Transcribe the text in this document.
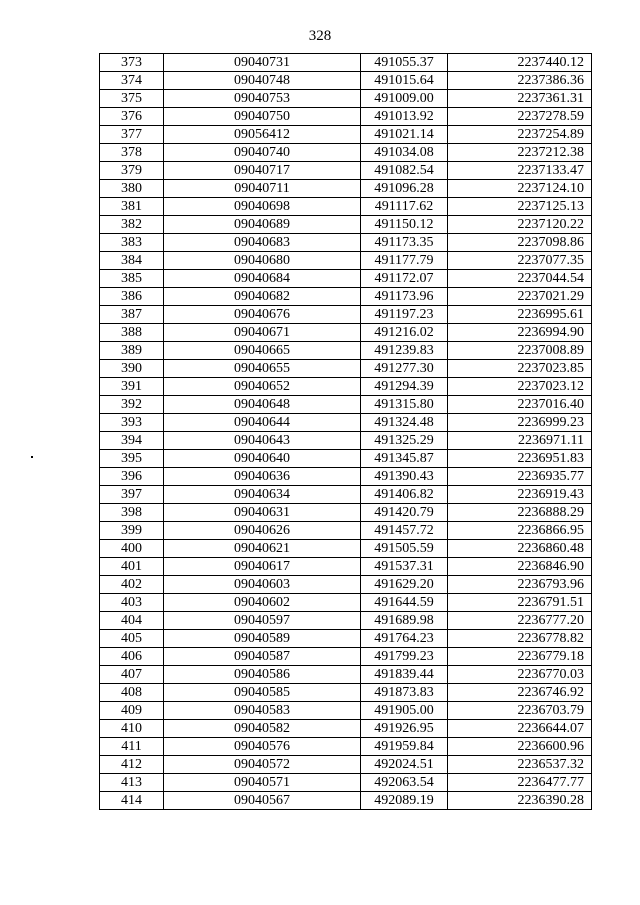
328
373	09040731	491055.37	2237440.12
374	09040748	491015.64	2237386.36
375	09040753	491009.00	2237361.31
376	09040750	491013.92	2237278.59
377	09056412	491021.14	2237254.89
378	09040740	491034.08	2237212.38
379	09040717	491082.54	2237133.47
380	09040711	491096.28	2237124.10
381	09040698	491117.62	2237125.13
382	09040689	491150.12	2237120.22
383	09040683	491173.35	2237098.86
384	09040680	491177.79	2237077.35
385	09040684	491172.07	2237044.54
386	09040682	491173.96	2237021.29
387	09040676	491197.23	2236995.61
388	09040671	491216.02	2236994.90
389	09040665	491239.83	2237008.89
390	09040655	491277.30	2237023.85
391	09040652	491294.39	2237023.12
392	09040648	491315.80	2237016.40
393	09040644	491324.48	2236999.23
394	09040643	491325.29	2236971.11
395	09040640	491345.87	2236951.83
396	09040636	491390.43	2236935.77
397	09040634	491406.82	2236919.43
398	09040631	491420.79	2236888.29
399	09040626	491457.72	2236866.95
400	09040621	491505.59	2236860.48
401	09040617	491537.31	2236846.90
402	09040603	491629.20	2236793.96
403	09040602	491644.59	2236791.51
404	09040597	491689.98	2236777.20
405	09040589	491764.23	2236778.82
406	09040587	491799.23	2236779.18
407	09040586	491839.44	2236770.03
408	09040585	491873.83	2236746.92
409	09040583	491905.00	2236703.79
410	09040582	491926.95	2236644.07
411	09040576	491959.84	2236600.96
412	09040572	492024.51	2236537.32
413	09040571	492063.54	2236477.77
414	09040567	492089.19	2236390.28
